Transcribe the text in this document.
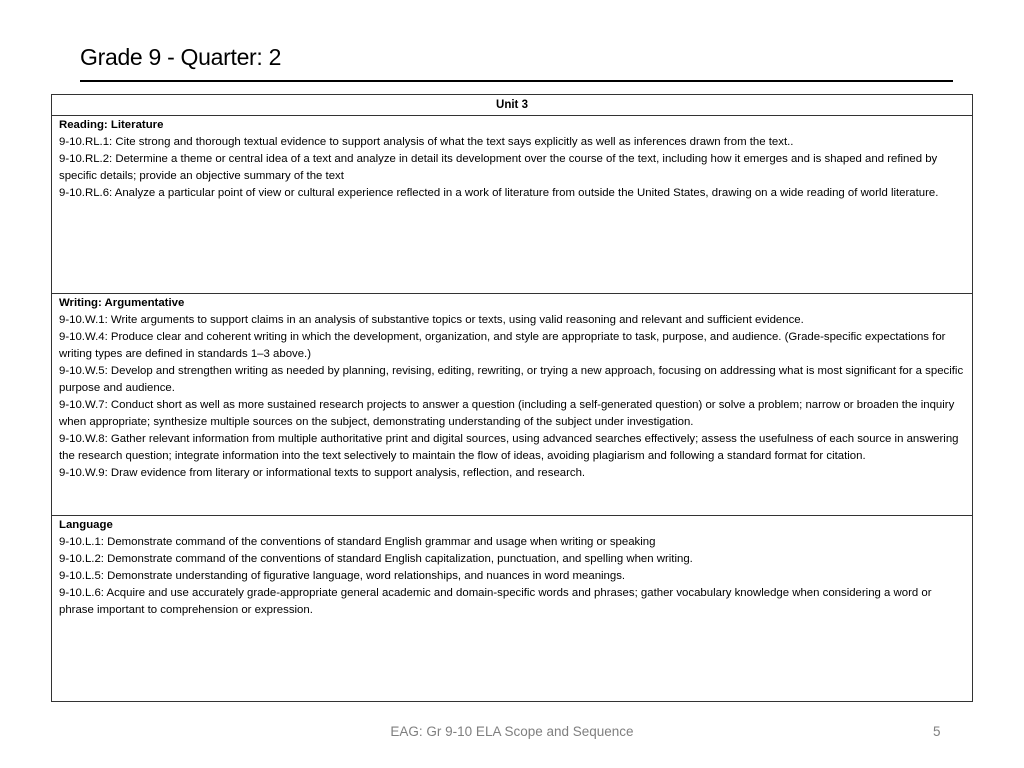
Grade 9 - Quarter: 2
Unit 3

Reading: Literature
9-10.RL.1: Cite strong and thorough textual evidence to support analysis of what the text says explicitly as well as inferences drawn from the text..
9-10.RL.2: Determine a theme or central idea of a text and analyze in detail its development over the course of the text, including how it emerges and is shaped and refined by specific details; provide an objective summary of the text
9-10.RL.6: Analyze a particular point of view or cultural experience reflected in a work of literature from outside the United States, drawing on a wide reading of world literature.

Writing: Argumentative
9-10.W.1: Write arguments to support claims in an analysis of substantive topics or texts, using valid reasoning and relevant and sufficient evidence.
9-10.W.4: Produce clear and coherent writing in which the development, organization, and style are appropriate to task, purpose, and audience. (Grade-specific expectations for writing types are defined in standards 1–3 above.)
9-10.W.5: Develop and strengthen writing as needed by planning, revising, editing, rewriting, or trying a new approach, focusing on addressing what is most significant for a specific purpose and audience.
9-10.W.7: Conduct short as well as more sustained research projects to answer a question (including a self-generated question) or solve a problem; narrow or broaden the inquiry when appropriate; synthesize multiple sources on the subject, demonstrating understanding of the subject under investigation.
9-10.W.8: Gather relevant information from multiple authoritative print and digital sources, using advanced searches effectively; assess the usefulness of each source in answering the research question; integrate information into the text selectively to maintain the flow of ideas, avoiding plagiarism and following a standard format for citation.
9-10.W.9: Draw evidence from literary or informational texts to support analysis, reflection, and research.

Language
9-10.L.1: Demonstrate command of the conventions of standard English grammar and usage when writing or speaking
9-10.L.2: Demonstrate command of the conventions of standard English capitalization, punctuation, and spelling when writing.
9-10.L.5: Demonstrate understanding of figurative language, word relationships, and nuances in word meanings.
9-10.L.6: Acquire and use accurately grade-appropriate general academic and domain-specific words and phrases; gather vocabulary knowledge when considering a word or phrase important to comprehension or expression.
EAG: Gr 9-10 ELA Scope and Sequence	5
